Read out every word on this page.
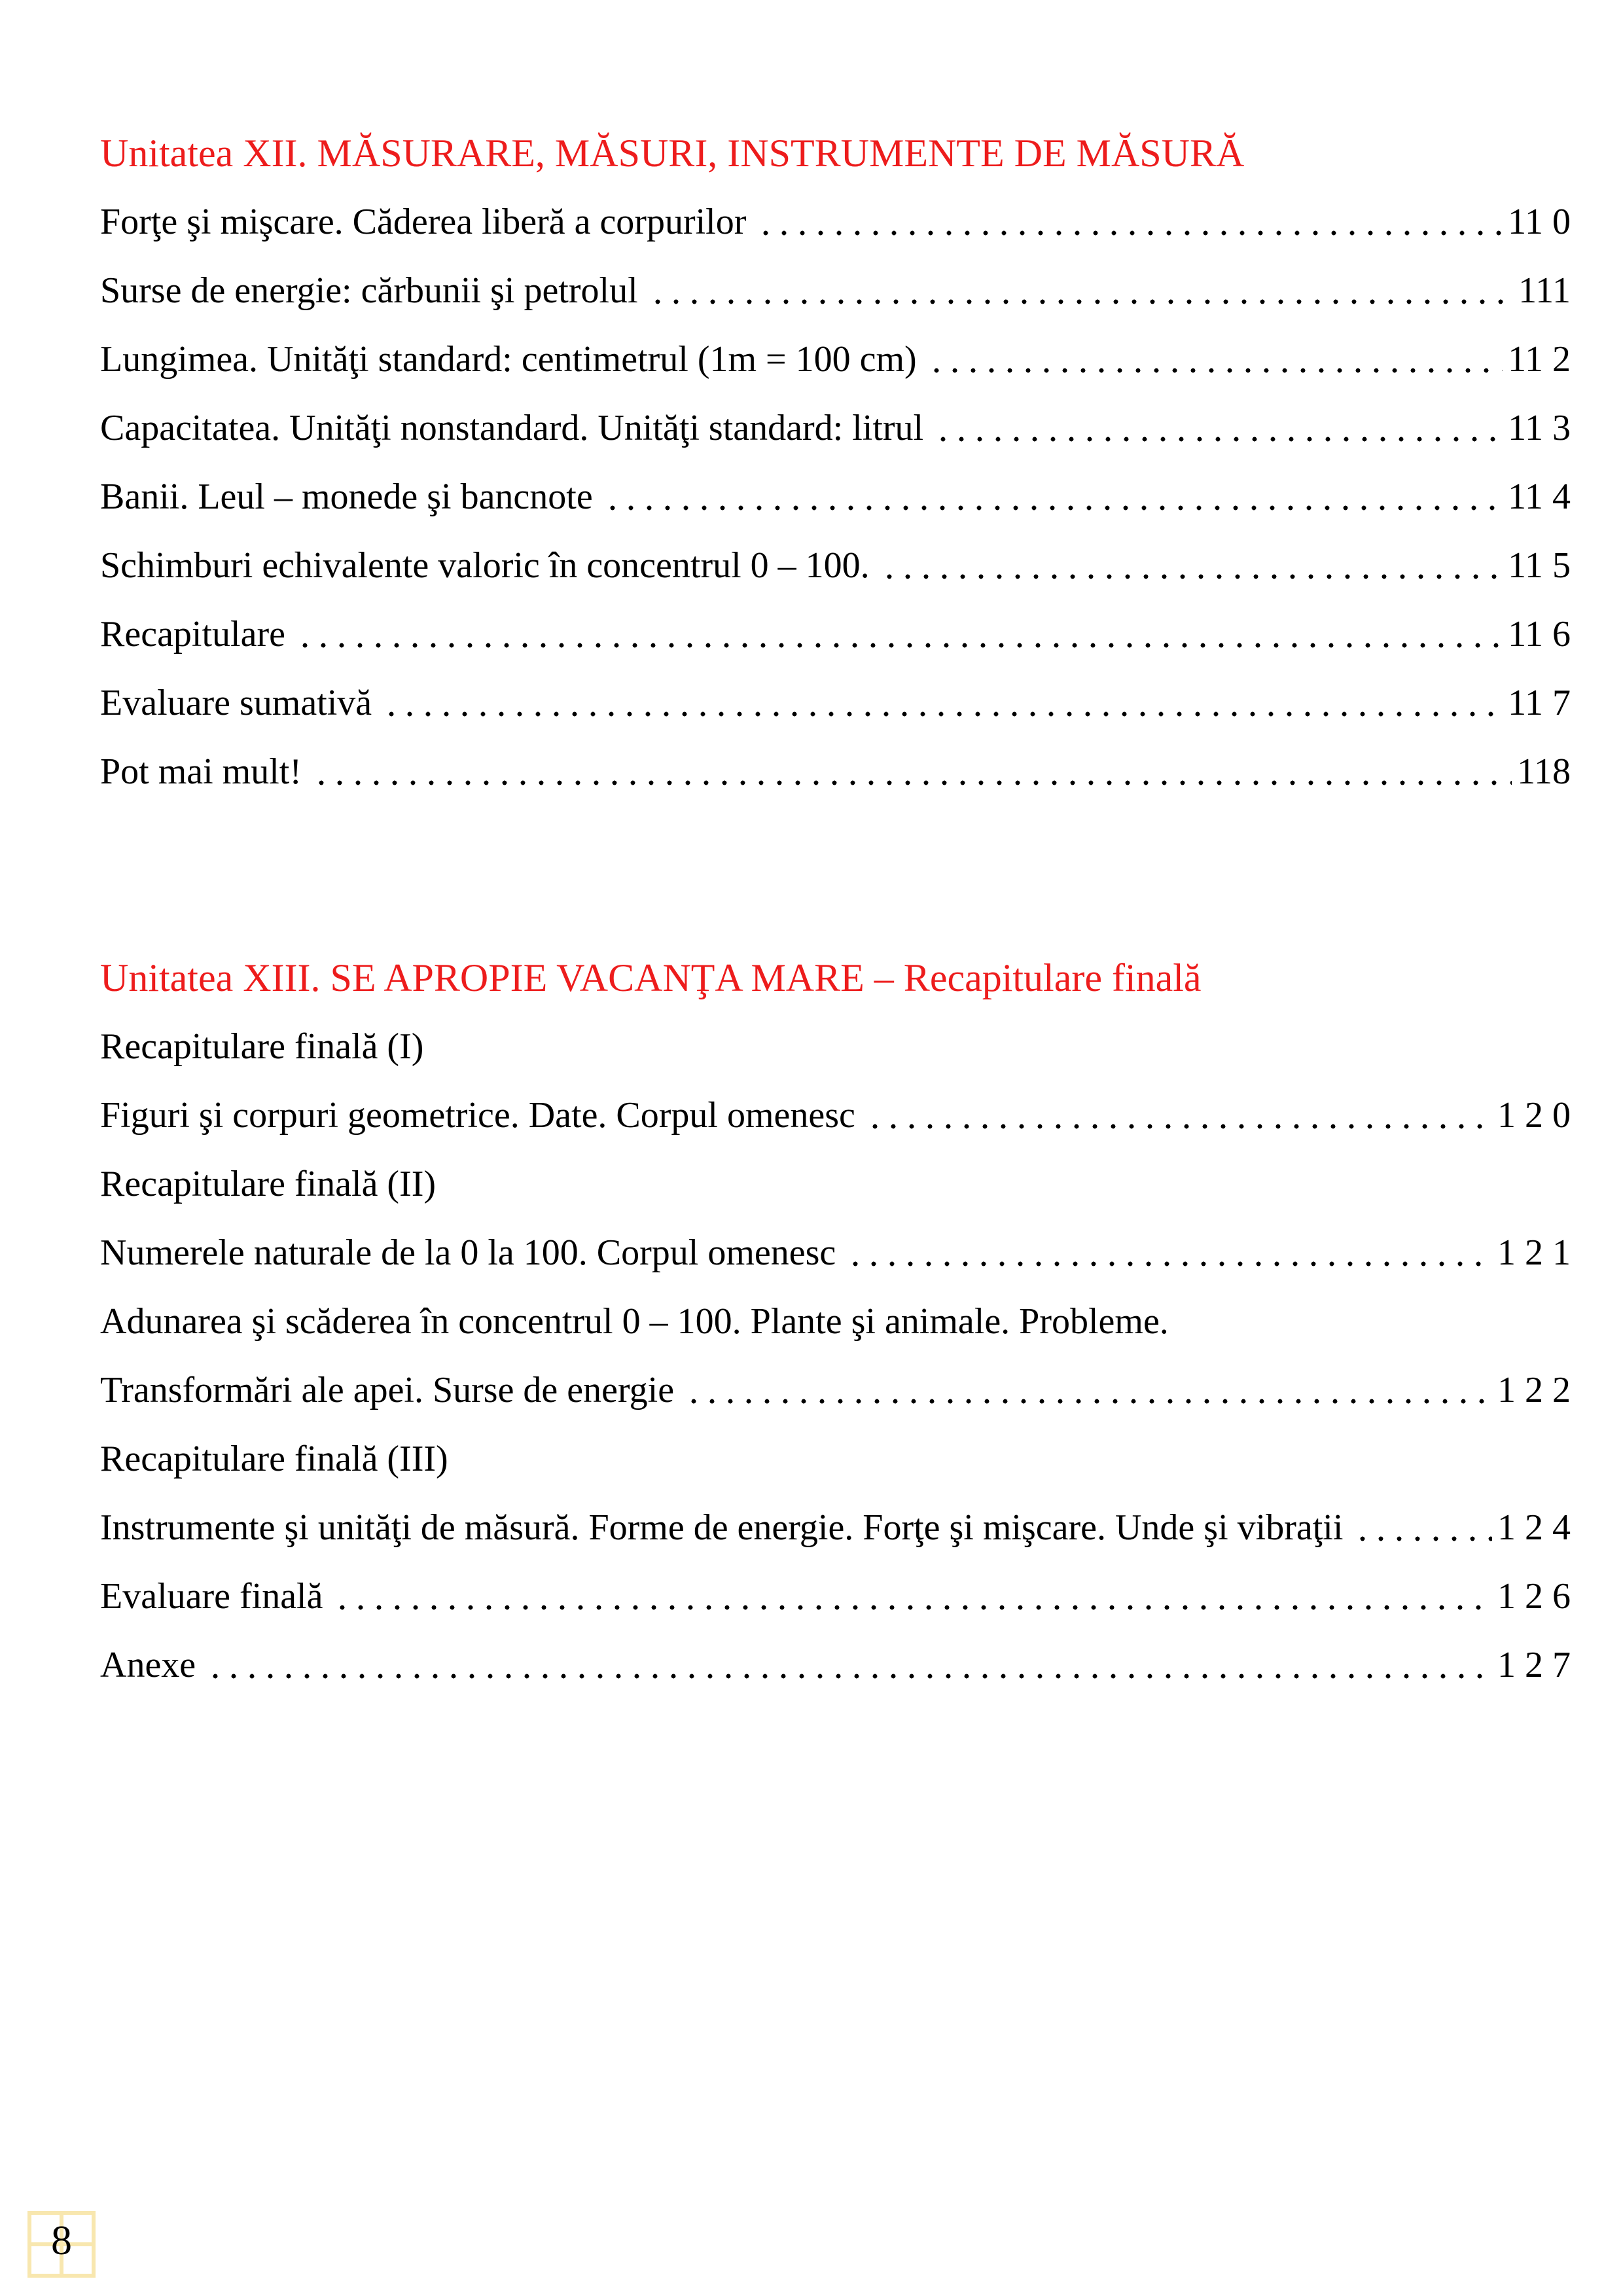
Unitatea XII. MĂSURARE, MĂSURI, INSTRUMENTE DE MĂSURĂ
Forţe şi mişcare. Căderea liberă a corpurilor	11 0
Surse de energie: cărbunii şi petrolul	111
Lungimea. Unităţi standard: centimetrul (1m = 100 cm)	11 2
Capacitatea. Unităţi nonstandard. Unităţi standard: litrul	11 3
Banii. Leul – monede şi bancnote	11 4
Schimburi echivalente valoric în concentrul 0 – 100.	11 5
Recapitulare	11 6
Evaluare sumativă	11 7
Pot mai mult!	118
Unitatea XIII. SE APROPIE VACANŢA MARE – Recapitulare finală
Recapitulare finală (I)
Figuri şi corpuri geometrice. Date. Corpul omenesc	1 2 0
Recapitulare finală (II)
Numerele naturale de la 0 la 100. Corpul omenesc	1 2 1
Adunarea şi scăderea în concentrul 0 – 100. Plante şi animale. Probleme.
Transformări ale apei. Surse de energie	1 2 2
Recapitulare finală (III)
Instrumente şi unităţi de măsură. Forme de energie. Forţe şi mişcare. Unde şi vibraţii	1 2 4
Evaluare finală	1 2 6
Anexe	1 2 7
8
